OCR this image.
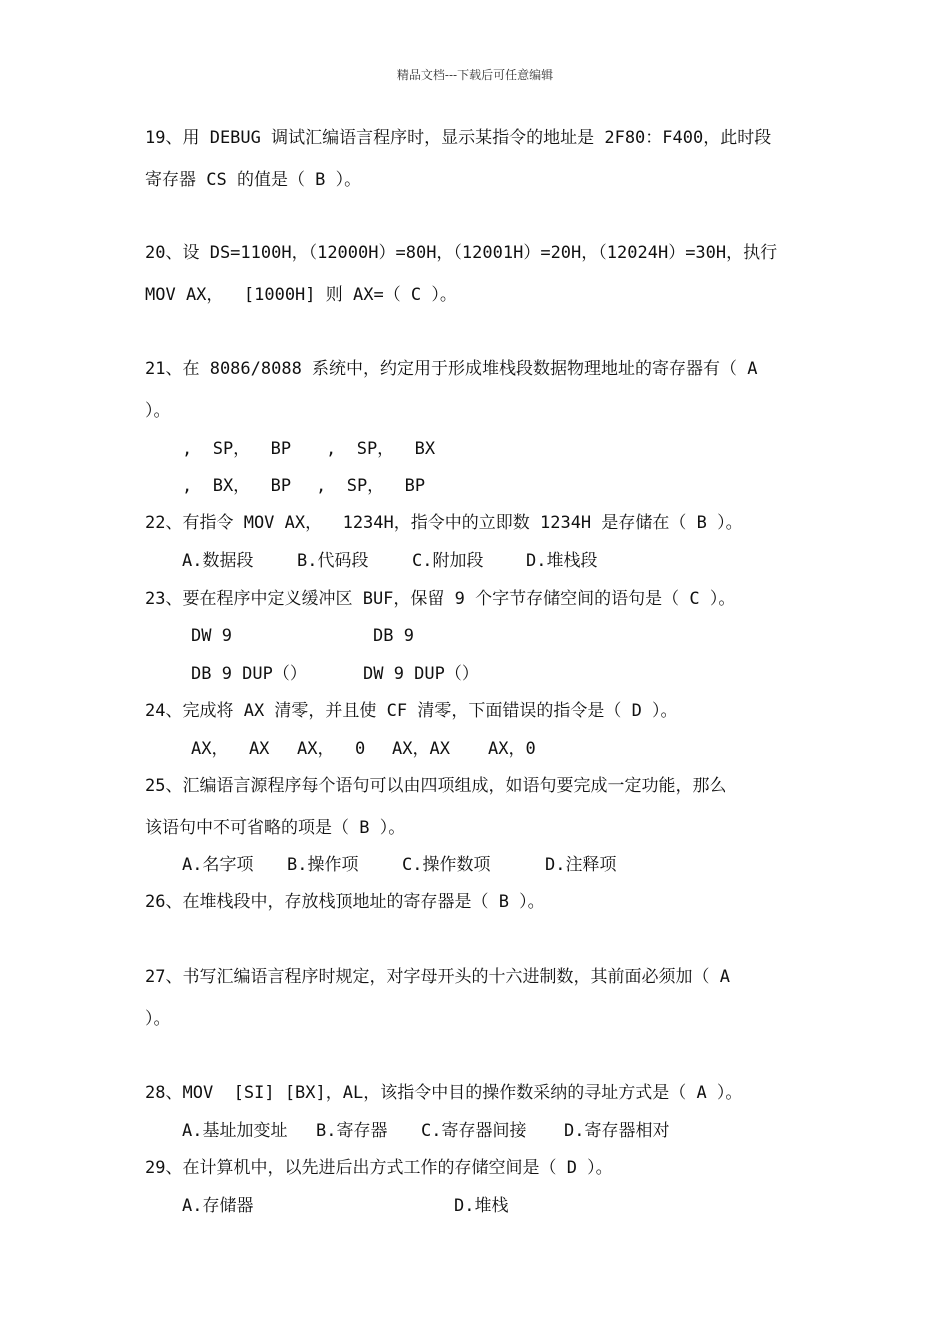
精品文档---下载后可任意编辑
19、用 DEBUG 调试汇编语言程序时，显示某指令的地址是 2F80：F400，此时段
寄存器 CS 的值是（ B ）。
20、设 DS=1100H，（12000H）=80H，（12001H）=20H，（12024H）=30H，执行
MOV AX，  [1000H] 则 AX=（ C ）。
21、在 8086/8088 系统中，约定用于形成堆栈段数据物理地址的寄存器有（ A
）。
,  SP，  BP ,  SP，  BX
,  BX，  BP ,  SP，  BP
22、有指令 MOV AX，  1234H，指令中的立即数 1234H 是存储在（ B ）。
A.数据段	B.代码段	C.附加段	D.堆栈段
23、要在程序中定义缓冲区 BUF，保留 9 个字节存储空间的语句是（ C ）。
DW 9	DB 9
DB 9 DUP（）	DW 9 DUP（）
24、完成将 AX 清零，并且使 CF 清零，下面错误的指令是（ D ）。
AX，  AX AX，  0 AX，AX AX，0
25、汇编语言源程序每个语句可以由四项组成，如语句要完成一定功能，那么
该语句中不可省略的项是（ B ）。
A.名字项 B.操作项	C.操作数项	D.注释项
26、在堆栈段中，存放栈顶地址的寄存器是（ B ）。
27、书写汇编语言程序时规定，对字母开头的十六进制数，其前面必须加（ A
）。
28、MOV  [SI] [BX]，AL，该指令中目的操作数采纳的寻址方式是（ A ）。
A.基址加变址 B.寄存器 C.寄存器间接 D.寄存器相对
29、在计算机中，以先进后出方式工作的存储空间是（ D ）。
A.存储器	D.堆栈
